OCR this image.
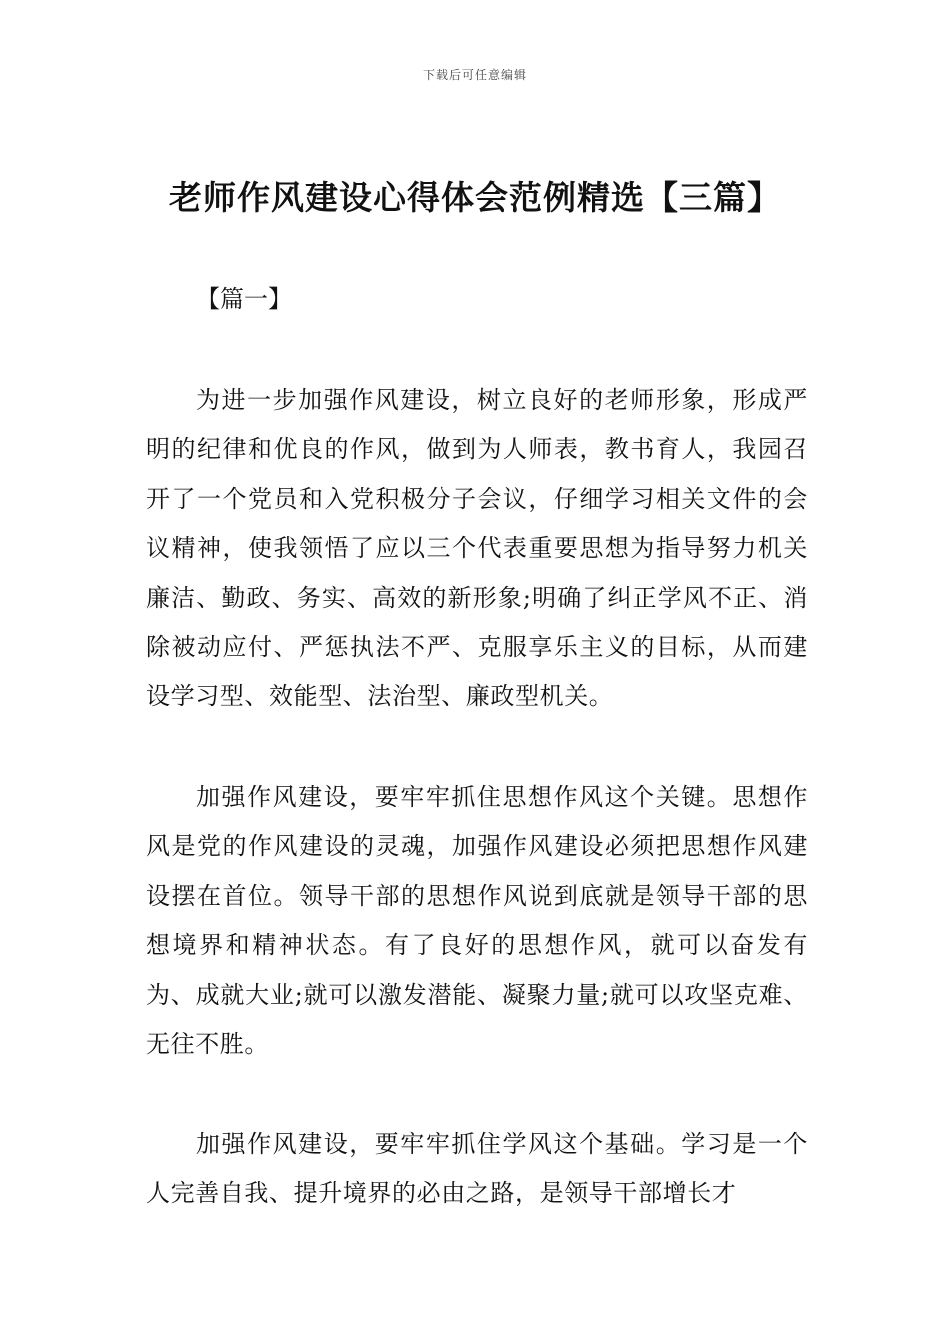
下载后可任意编辑
老师作风建设心得体会范例精选【三篇】
【篇一】

为进一步加强作风建设，树立良好的老师形象，形成严明的纪律和优良的作风，做到为人师表，教书育人，我园召开了一个党员和入党积极分子会议，仔细学习相关文件的会议精神，使我领悟了应以三个代表重要思想为指导努力机关廉洁、勤政、务实、高效的新形象;明确了纠正学风不正、消除被动应付、严惩执法不严、克服享乐主义的目标，从而建设学习型、效能型、法治型、廉政型机关。

加强作风建设，要牢牢抓住思想作风这个关键。思想作风是党的作风建设的灵魂，加强作风建设必须把思想作风建设摆在首位。领导干部的思想作风说到底就是领导干部的思想境界和精神状态。有了良好的思想作风，就可以奋发有为、成就大业;就可以激发潜能、凝聚力量;就可以攻坚克难、无往不胜。

加强作风建设，要牢牢抓住学风这个基础。学习是一个人完善自我、提升境界的必由之路，是领导干部增长才
